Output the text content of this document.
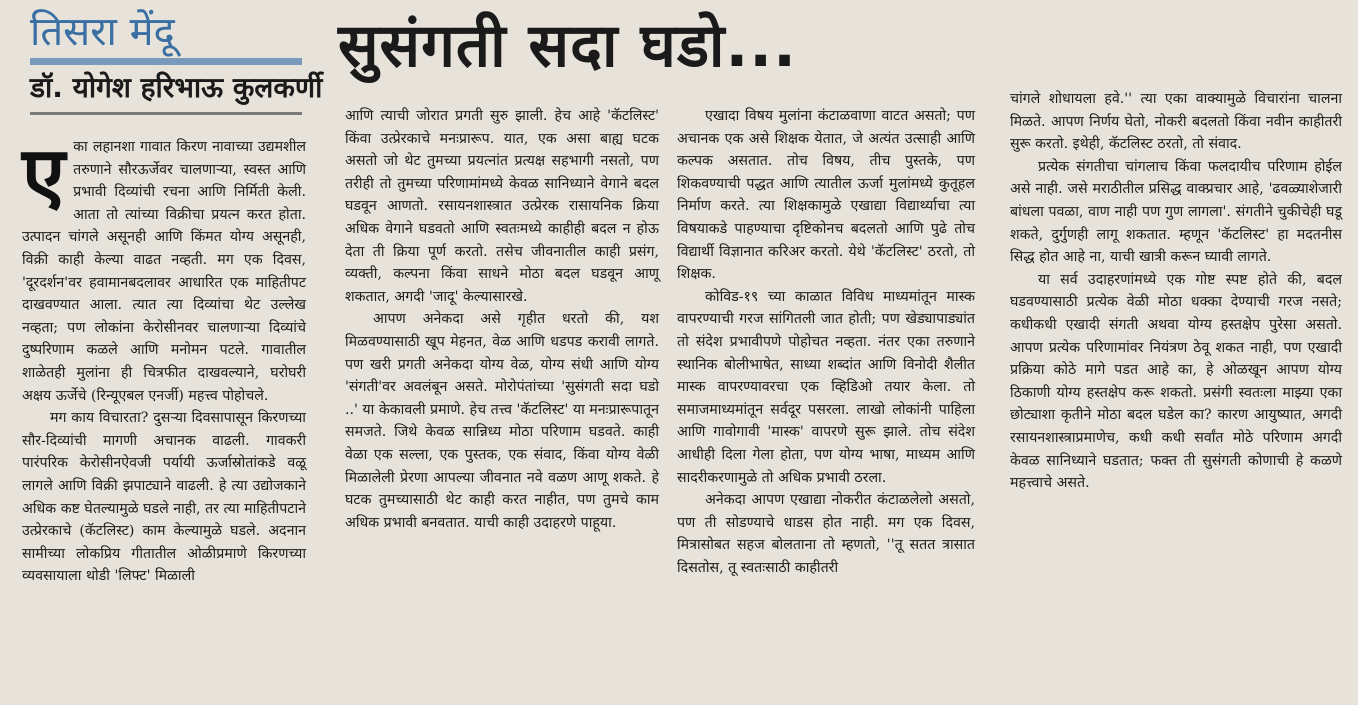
तिसरा मेंदू
डॉ. योगेश हरिभाऊ कुलकर्णी
सुसंगती सदा घडो...
ए का लहानशा गावात किरण नावाच्या उद्यमशील तरुणाने सौरऊर्जेवर चालणाऱ्या, स्वस्त आणि प्रभावी दिव्यांची रचना आणि निर्मिती केली. आता तो त्यांच्या विक्रीचा प्रयत्न करत होता. उत्पादन चांगले असूनही आणि किंमत योग्य असूनही, विक्री काही केल्या वाढत नव्हती. मग एक दिवस, 'दूरदर्शन'वर हवामानबदलावर आधारित एक माहितीपट दाखवण्यात आला. त्यात त्या दिव्यांचा थेट उल्लेख नव्हता; पण लोकांना केरोसीनवर चालणाऱ्या दिव्यांचे दुष्परिणाम कळले आणि मनोमन पटले. गावातील शाळेतही मुलांना ही चित्रफीत दाखवल्याने, घरोघरी अक्षय ऊर्जेचे (रिन्यूएबल एनर्जी) महत्त्व पोहोचले.

मग काय विचारता? दुसऱ्या दिवसापासून किरणच्या सौर-दिव्यांची मागणी अचानक वाढली. गावकरी पारंपरिक केरोसीनऐवजी पर्यायी ऊर्जास्रोतांकडे वळू लागले आणि विक्री झपाट्याने वाढली. हे त्या उद्योजकाने अधिक कष्ट घेतल्यामुळे घडले नाही, तर त्या माहितीपटाने उत्प्रेरकाचे (कॅटलिस्ट) काम केल्यामुळे घडले. अदनान सामीच्या लोकप्रिय गीतातील ओळीप्रमाणे किरणच्या व्यवसायाला थोडी 'लिफ्ट' मिळाली

आणि त्याची जोरात प्रगती सुरु झाली. हेच आहे 'कॅटलिस्ट' किंवा उत्प्रेरकाचे मनःप्रारूप. यात, एक असा बाह्य घटक असतो जो थेट तुमच्या प्रयत्नांत प्रत्यक्ष सहभागी नसतो, पण तरीही तो तुमच्या परिणामांमध्ये केवळ सानिध्याने वेगाने बदल घडवून आणतो. रसायनशास्त्रात उत्प्रेरक रासायनिक क्रिया अधिक वेगाने घडवतो आणि स्वतःमध्ये काहीही बदल न होऊ देता ती क्रिया पूर्ण करतो. तसेच जीवनातील काही प्रसंग, व्यक्ती, कल्पना किंवा साधने मोठा बदल घडवून आणू शकतात, अगदी 'जादू' केल्यासारखे.

आपण अनेकदा असे गृहीत धरतो की, यश मिळवण्यासाठी खूप मेहनत, वेळ आणि धडपड करावी लागते. पण खरी प्रगती अनेकदा योग्य वेळ, योग्य संधी आणि योग्य 'संगती'वर अवलंबून असते. मोरोपंतांच्या 'सुसंगती सदा घडो ..' या केकावली प्रमाणे. हेच तत्त्व 'कॅटलिस्ट' या मनःप्रारूपातून समजते. जिथे केवळ सान्निध्य मोठा परिणाम घडवते. काही वेळा एक सल्ला, एक पुस्तक, एक संवाद, किंवा योग्य वेळी मिळालेली प्रेरणा आपल्या जीवनात नवे वळण आणू शकते. हे घटक तुमच्यासाठी थेट काही करत नाहीत, पण तुमचे काम अधिक प्रभावी बनवतात. याची काही उदाहरणे पाहूया.

एखादा विषय मुलांना कंटाळवाणा वाटत असतो; पण अचानक एक असे शिक्षक येतात, जे अत्यंत उत्साही आणि कल्पक असतात. तोच विषय, तीच पुस्तके, पण शिकवण्याची पद्धत आणि त्यातील ऊर्जा मुलांमध्ये कुतूहल निर्माण करते. त्या शिक्षकामुळे एखाद्या विद्यार्थ्याचा त्या विषयाकडे पाहण्याचा दृष्टिकोनच बदलतो आणि पुढे तोच विद्यार्थी विज्ञानात करिअर करतो. येथे 'कॅटलिस्ट' ठरतो, तो शिक्षक.

कोविड-१९ च्या काळात विविध माध्यमांतून मास्क वापरण्याची गरज सांगितली जात होती; पण खेड्यापाड्यांत तो संदेश प्रभावीपणे पोहोचत नव्हता. नंतर एका तरुणाने स्थानिक बोलीभाषेत, साध्या शब्दांत आणि विनोदी शैलीत मास्क वापरण्यावरचा एक व्हिडिओ तयार केला. तो समाजमाध्यमांतून सर्वदूर पसरला. लाखो लोकांनी पाहिला आणि गावोगावी 'मास्क' वापरणे सुरू झाले. तोच संदेश आधीही दिला गेला होता, पण योग्य भाषा, माध्यम आणि सादरीकरणामुळे तो अधिक प्रभावी ठरला.

अनेकदा आपण एखाद्या नोकरीत कंटाळलेलो असतो, पण ती सोडण्याचे धाडस होत नाही. मग एक दिवस, मित्रासोबत सहज बोलताना तो म्हणतो, ''तू सतत त्रासात दिसतोस, तू स्वतःसाठी काहीतरी

चांगले शोधायला हवे.'' त्या एका वाक्यामुळे विचारांना चालना मिळते. आपण निर्णय घेतो, नोकरी बदलतो किंवा नवीन काहीतरी सुरू करतो. इथेही, कॅटलिस्ट ठरतो, तो संवाद.

प्रत्येक संगतीचा चांगलाच किंवा फलदायीच परिणाम होईल असे नाही. जसे मराठीतील प्रसिद्ध वाक्प्रचार आहे, 'ढवळ्याशेजारी बांधला पवळा, वाण नाही पण गुण लागला'. संगतीने चुकीचेही घडू शकते, दुर्गुणही लागू शकतात. म्हणून 'कॅटलिस्ट' हा मदतनीस सिद्ध होत आहे ना, याची खात्री करून घ्यावी लागते.

या सर्व उदाहरणांमध्ये एक गोष्ट स्पष्ट होते की, बदल घडवण्यासाठी प्रत्येक वेळी मोठा धक्का देण्याची गरज नसते; कधीकधी एखादी संगती अथवा योग्य हस्तक्षेप पुरेसा असतो. आपण प्रत्येक परिणामांवर नियंत्रण ठेवू शकत नाही, पण एखादी प्रक्रिया कोठे मागे पडत आहे का, हे ओळखून आपण योग्य ठिकाणी योग्य हस्तक्षेप करू शकतो. प्रसंगी स्वतःला माझ्या एका छोट्याशा कृतीने मोठा बदल घडेल का? कारण आयुष्यात, अगदी रसायनशास्त्राप्रमाणेच, कधी कधी सर्वांत मोठे परिणाम अगदी केवळ सानिध्याने घडतात; फक्त ती सुसंगती कोणाची हे कळणे महत्त्वाचे असते.
